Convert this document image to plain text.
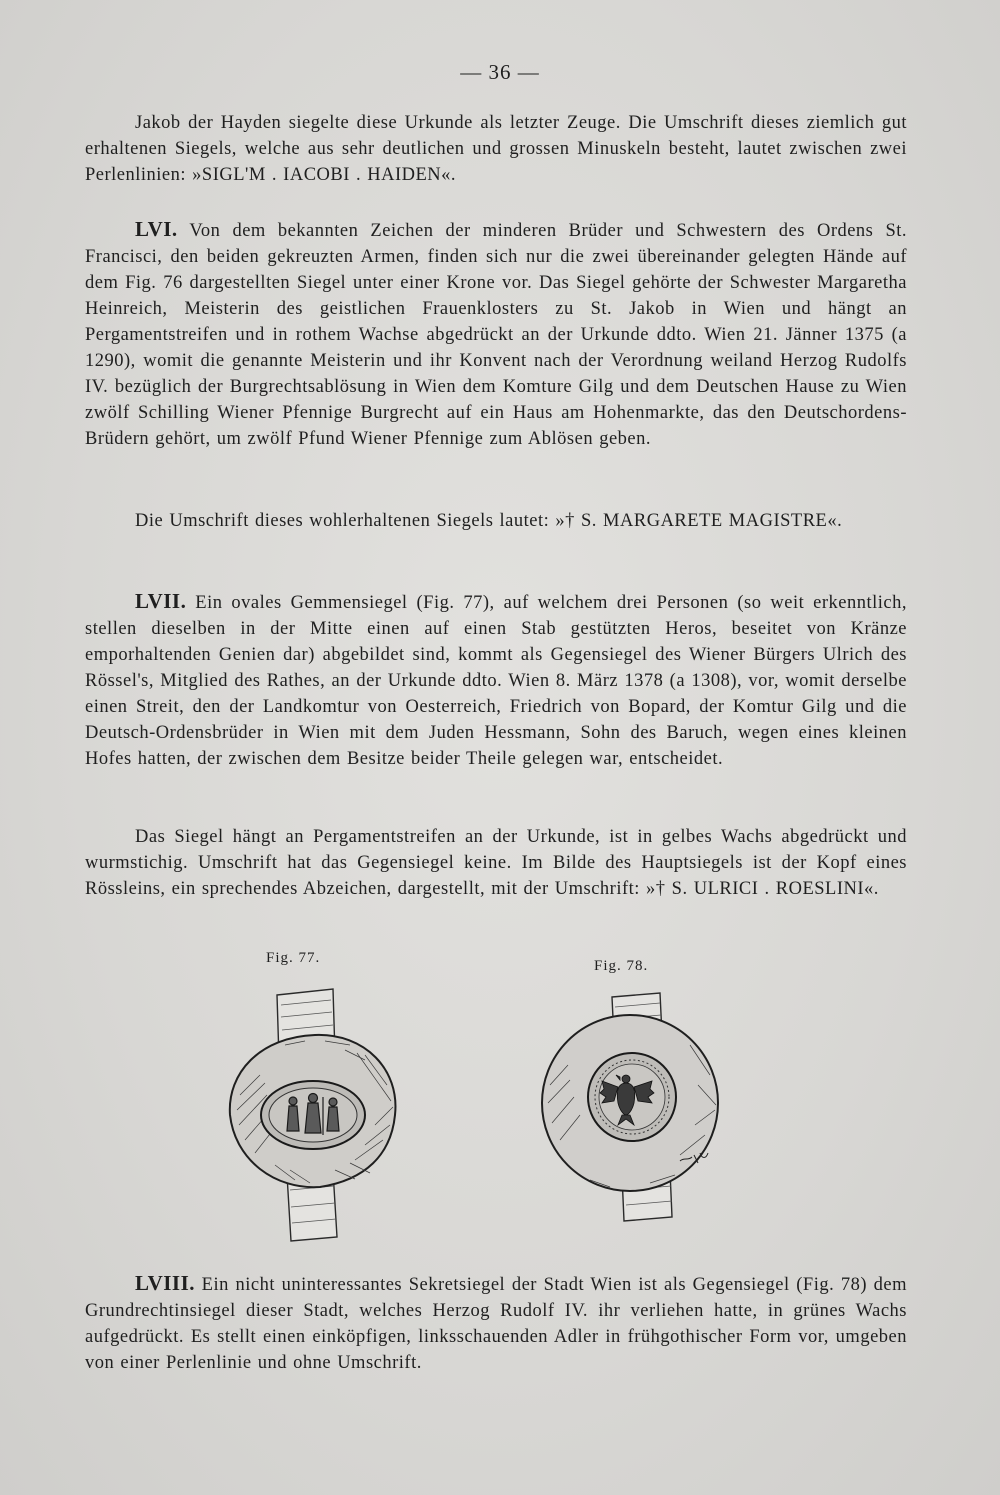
— 36 —
Jakob der Hayden siegelte diese Urkunde als letzter Zeuge. Die Umschrift dieses ziemlich gut erhaltenen Siegels, welche aus sehr deutlichen und grossen Minuskeln besteht, lautet zwischen zwei Perlenlinien: »SIGL'M . IACOBI . HAIDEN«.
LVI. Von dem bekannten Zeichen der minderen Brüder und Schwestern des Ordens St. Francisci, den beiden gekreuzten Armen, finden sich nur die zwei übereinander gelegten Hände auf dem Fig. 76 dargestellten Siegel unter einer Krone vor. Das Siegel gehörte der Schwester Margaretha Heinreich, Meisterin des geistlichen Frauenklosters zu St. Jakob in Wien und hängt an Pergamentstreifen und in rothem Wachse abgedrückt an der Urkunde ddto. Wien 21. Jänner 1375 (a 1290), womit die genannte Meisterin und ihr Konvent nach der Verordnung weiland Herzog Rudolfs IV. bezüglich der Burgrechtsablösung in Wien dem Komture Gilg und dem Deutschen Hause zu Wien zwölf Schilling Wiener Pfennige Burgrecht auf ein Haus am Hohenmarkte, das den Deutschordens-Brüdern gehört, um zwölf Pfund Wiener Pfennige zum Ablösen geben.
Die Umschrift dieses wohlerhaltenen Siegels lautet: »† S. MARGARETE MAGISTRE«.
LVII. Ein ovales Gemmensiegel (Fig. 77), auf welchem drei Personen (so weit erkenntlich, stellen dieselben in der Mitte einen auf einen Stab gestützten Heros, beseitet von Kränze emporhaltenden Genien dar) abgebildet sind, kommt als Gegensiegel des Wiener Bürgers Ulrich des Rössel's, Mitglied des Rathes, an der Urkunde ddto. Wien 8. März 1378 (a 1308), vor, womit derselbe einen Streit, den der Landkomtur von Oesterreich, Friedrich von Bopard, der Komtur Gilg und die Deutsch-Ordensbrüder in Wien mit dem Juden Hessmann, Sohn des Baruch, wegen eines kleinen Hofes hatten, der zwischen dem Besitze beider Theile gelegen war, entscheidet.
Das Siegel hängt an Pergamentstreifen an der Urkunde, ist in gelbes Wachs abgedrückt und wurmstichig. Umschrift hat das Gegensiegel keine. Im Bilde des Hauptsiegels ist der Kopf eines Rössleins, ein sprechendes Abzeichen, dargestellt, mit der Umschrift: »† S. ULRICI . ROESLINI«.
Fig. 77.	Fig. 78.
LVIII. Ein nicht uninteressantes Sekretsiegel der Stadt Wien ist als Gegensiegel (Fig. 78) dem Grundrechtinsiegel dieser Stadt, welches Herzog Rudolf IV. ihr verliehen hatte, in grünes Wachs aufgedrückt. Es stellt einen einköpfigen, linksschauenden Adler in frühgothischer Form vor, umgeben von einer Perlenlinie und ohne Umschrift.
